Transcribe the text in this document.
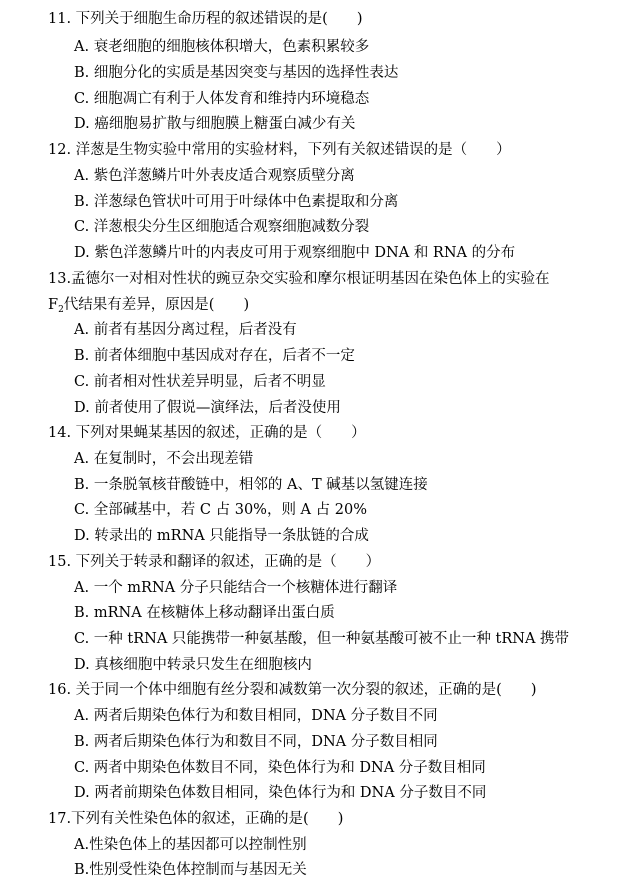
11. 下列关于细胞生命历程的叙述错误的是(　　)
A. 衰老细胞的细胞核体积增大，色素积累较多
B. 细胞分化的实质是基因突变与基因的选择性表达
C. 细胞凋亡有利于人体发育和维持内环境稳态
D. 癌细胞易扩散与细胞膜上糖蛋白减少有关
12. 洋葱是生物实验中常用的实验材料，下列有关叙述错误的是（　　）
A. 紫色洋葱鳞片叶外表皮适合观察质壁分离
B. 洋葱绿色管状叶可用于叶绿体中色素提取和分离
C. 洋葱根尖分生区细胞适合观察细胞减数分裂
D. 紫色洋葱鳞片叶的内表皮可用于观察细胞中 DNA 和 RNA 的分布
13.孟德尔一对相对性状的豌豆杂交实验和摩尔根证明基因在染色体上的实验在
$F_2$代结果有差异，原因是(　　)
A. 前者有基因分离过程，后者没有
B. 前者体细胞中基因成对存在，后者不一定
C. 前者相对性状差异明显，后者不明显
D. 前者使用了假说—演绎法，后者没使用
14. 下列对果蝇某基因的叙述，正确的是（　　）
A. 在复制时，不会出现差错
B. 一条脱氧核苷酸链中，相邻的 A、T 碱基以氢键连接
C. 全部碱基中，若 C 占 30%，则 A 占 20%
D. 转录出的 mRNA 只能指导一条肽链的合成
15. 下列关于转录和翻译的叙述，正确的是（　　）
A. 一个 mRNA 分子只能结合一个核糖体进行翻译
B. mRNA 在核糖体上移动翻译出蛋白质
C. 一种 tRNA 只能携带一种氨基酸，但一种氨基酸可被不止一种 tRNA 携带
D. 真核细胞中转录只发生在细胞核内
16. 关于同一个体中细胞有丝分裂和减数第一次分裂的叙述，正确的是(　　)
A. 两者后期染色体行为和数目相同，DNA 分子数目不同
B. 两者后期染色体行为和数目不同，DNA 分子数目相同
C. 两者中期染色体数目不同，染色体行为和 DNA 分子数目相同
D. 两者前期染色体数目相同，染色体行为和 DNA 分子数目不同
17.下列有关性染色体的叙述，正确的是(　　)
A.性染色体上的基因都可以控制性别
B.性别受性染色体控制而与基因无关
